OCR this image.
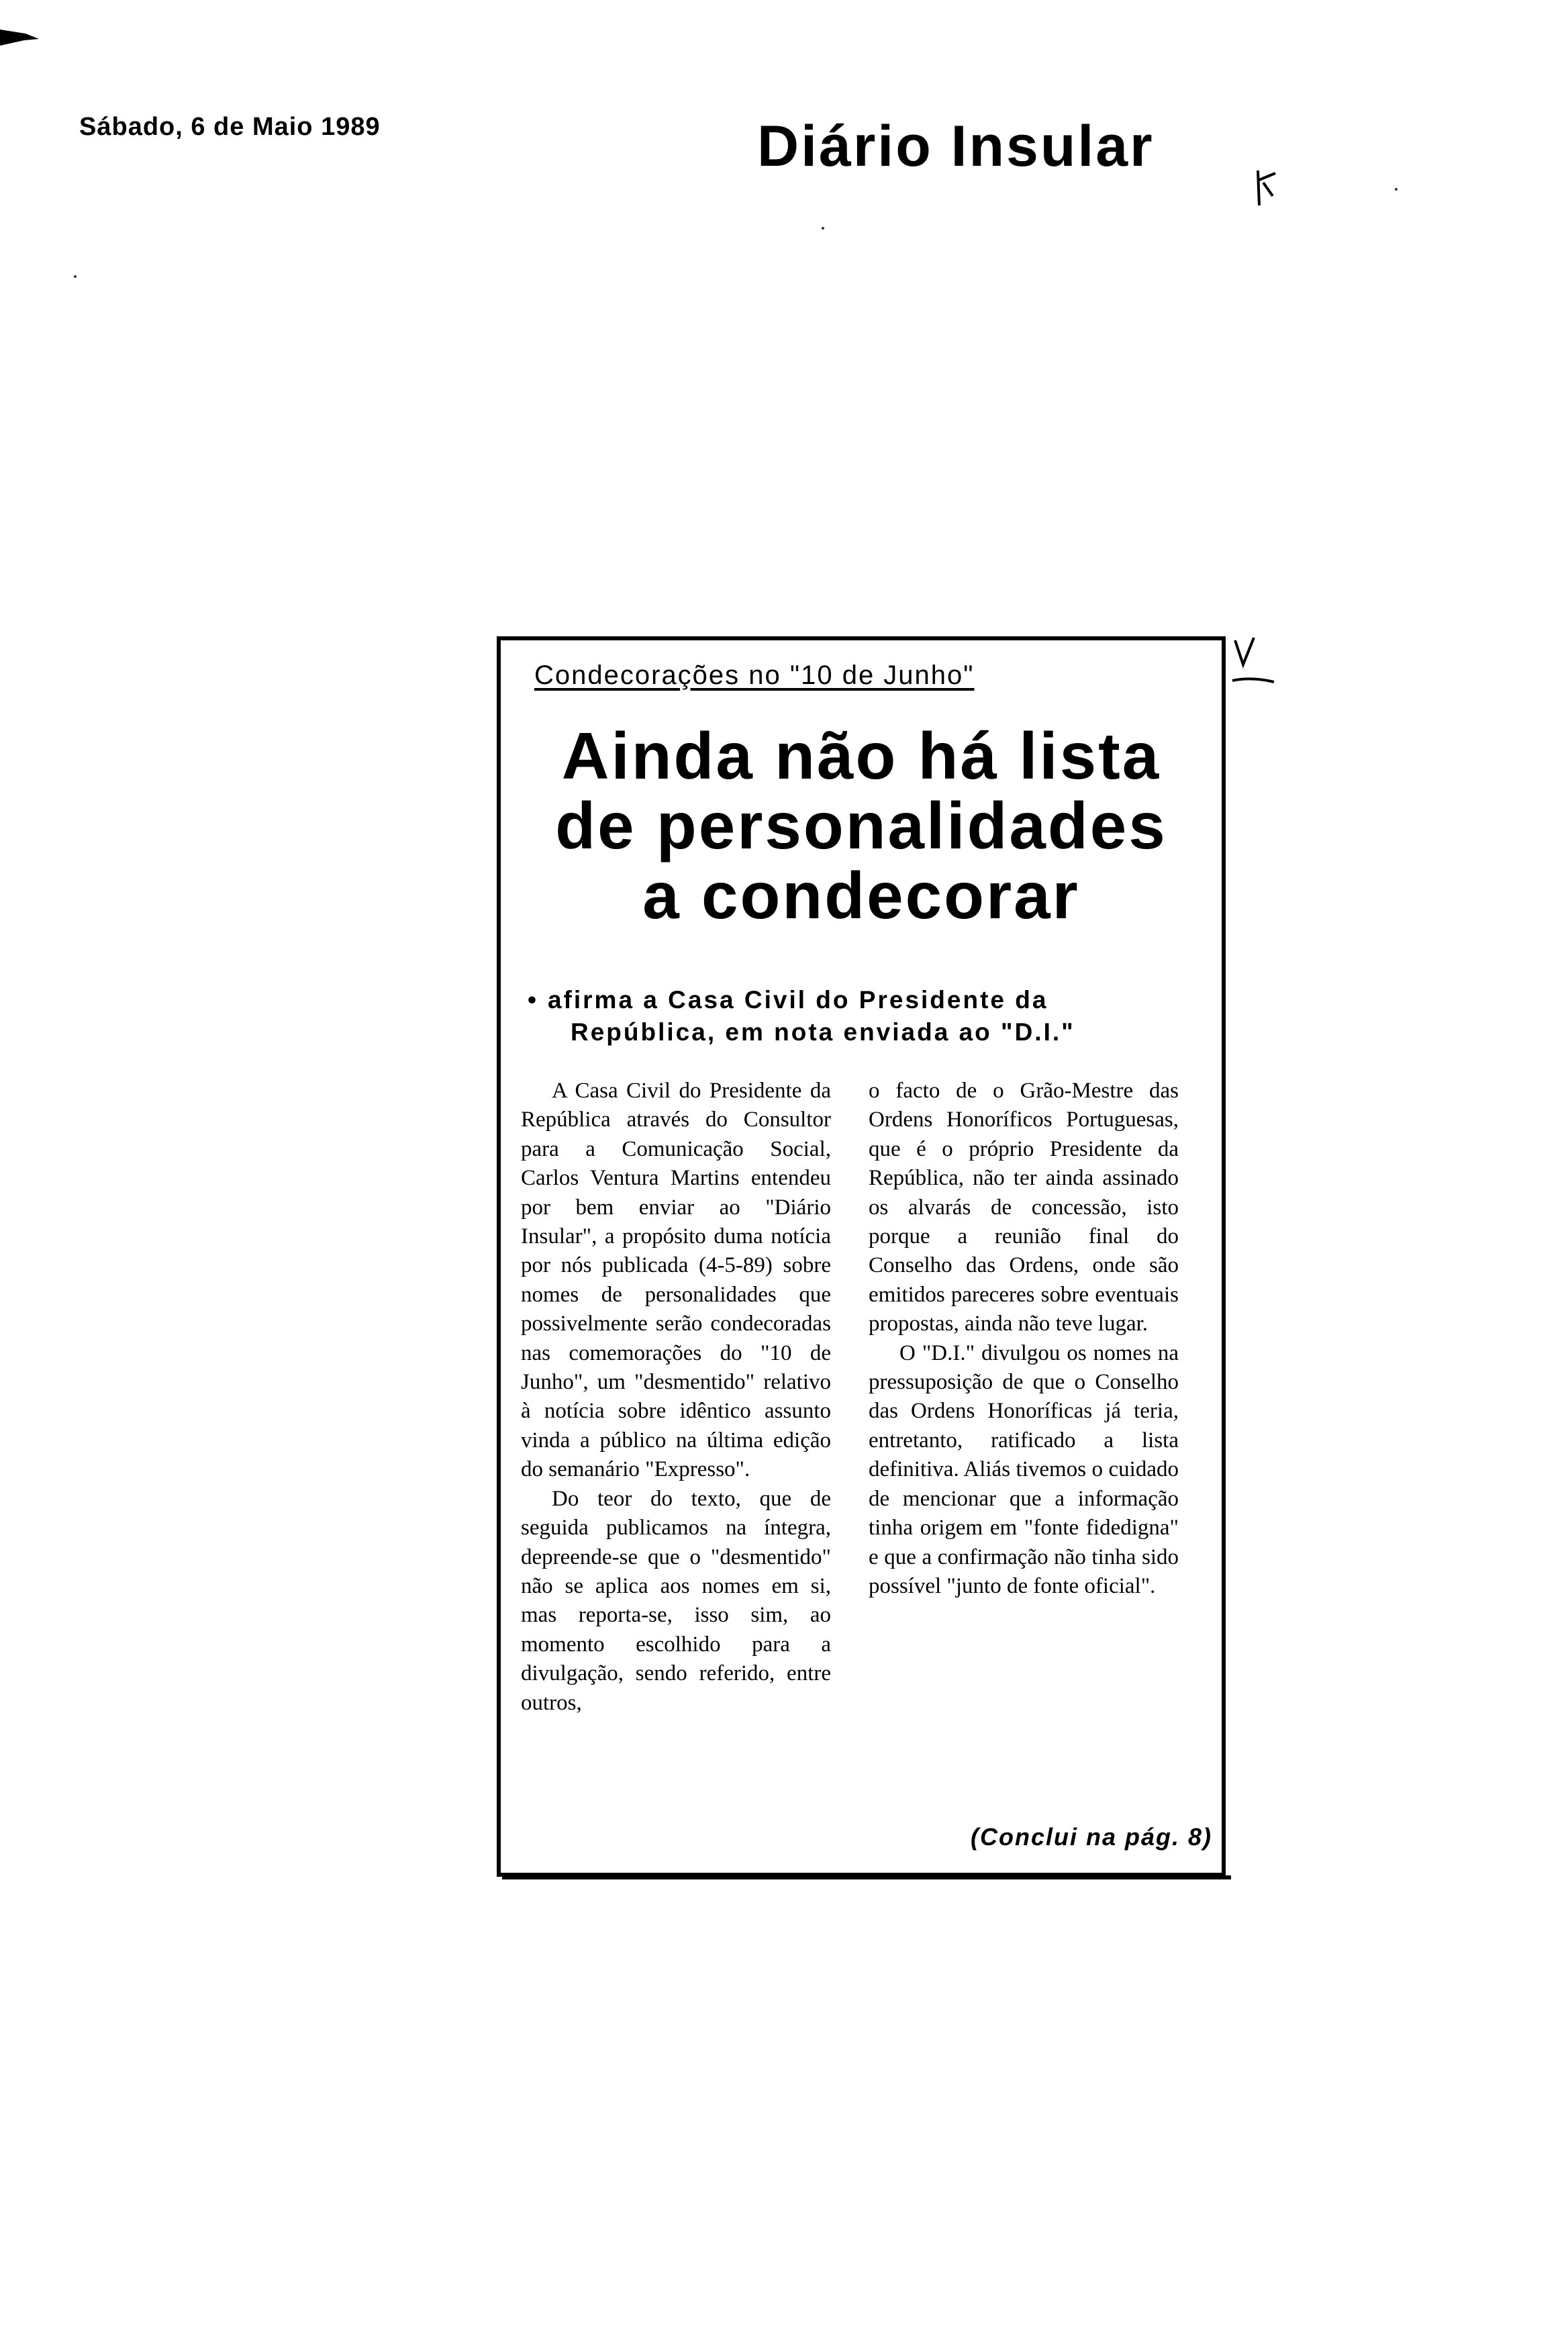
Sábado, 6 de Maio 1989	Diário Insular
Condecorações no "10 de Junho"
Ainda não há lista
de personalidades
a condecorar
• afirma a Casa Civil do Presidente da
República, em nota enviada ao "D.I."

A Casa Civil do Presidente da República através do Consultor para a Comunicação Social, Carlos Ventura Martins entendeu por bem enviar ao "Diário Insular", a propósito duma notícia por nós publicada (4-5-89) sobre nomes de personalidades que possivelmente serão condecoradas nas comemorações do "10 de Junho", um "desmentido" relativo à notícia sobre idêntico assunto vinda a público na última edição do semanário "Expresso".

Do teor do texto, que de seguida publicamos na íntegra, depreende-se que o "desmentido" não se aplica aos nomes em si, mas reporta-se, isso sim, ao momento escolhido para a divulgação, sendo referido, entre outros,

o facto de o Grão-Mestre das Ordens Honoríficos Portuguesas, que é o próprio Presidente da República, não ter ainda assinado os alvarás de concessão, isto porque a reunião final do Conselho das Ordens, onde são emitidos pareceres sobre eventuais propostas, ainda não teve lugar.

O "D.I." divulgou os nomes na pressuposição de que o Conselho das Ordens Honoríficas já teria, entretanto, ratificado a lista definitiva. Aliás tivemos o cuidado de mencionar que a informação tinha origem em "fonte fidedigna" e que a confirmação não tinha sido possível "junto de fonte oficial".

(Conclui na pág. 8)
